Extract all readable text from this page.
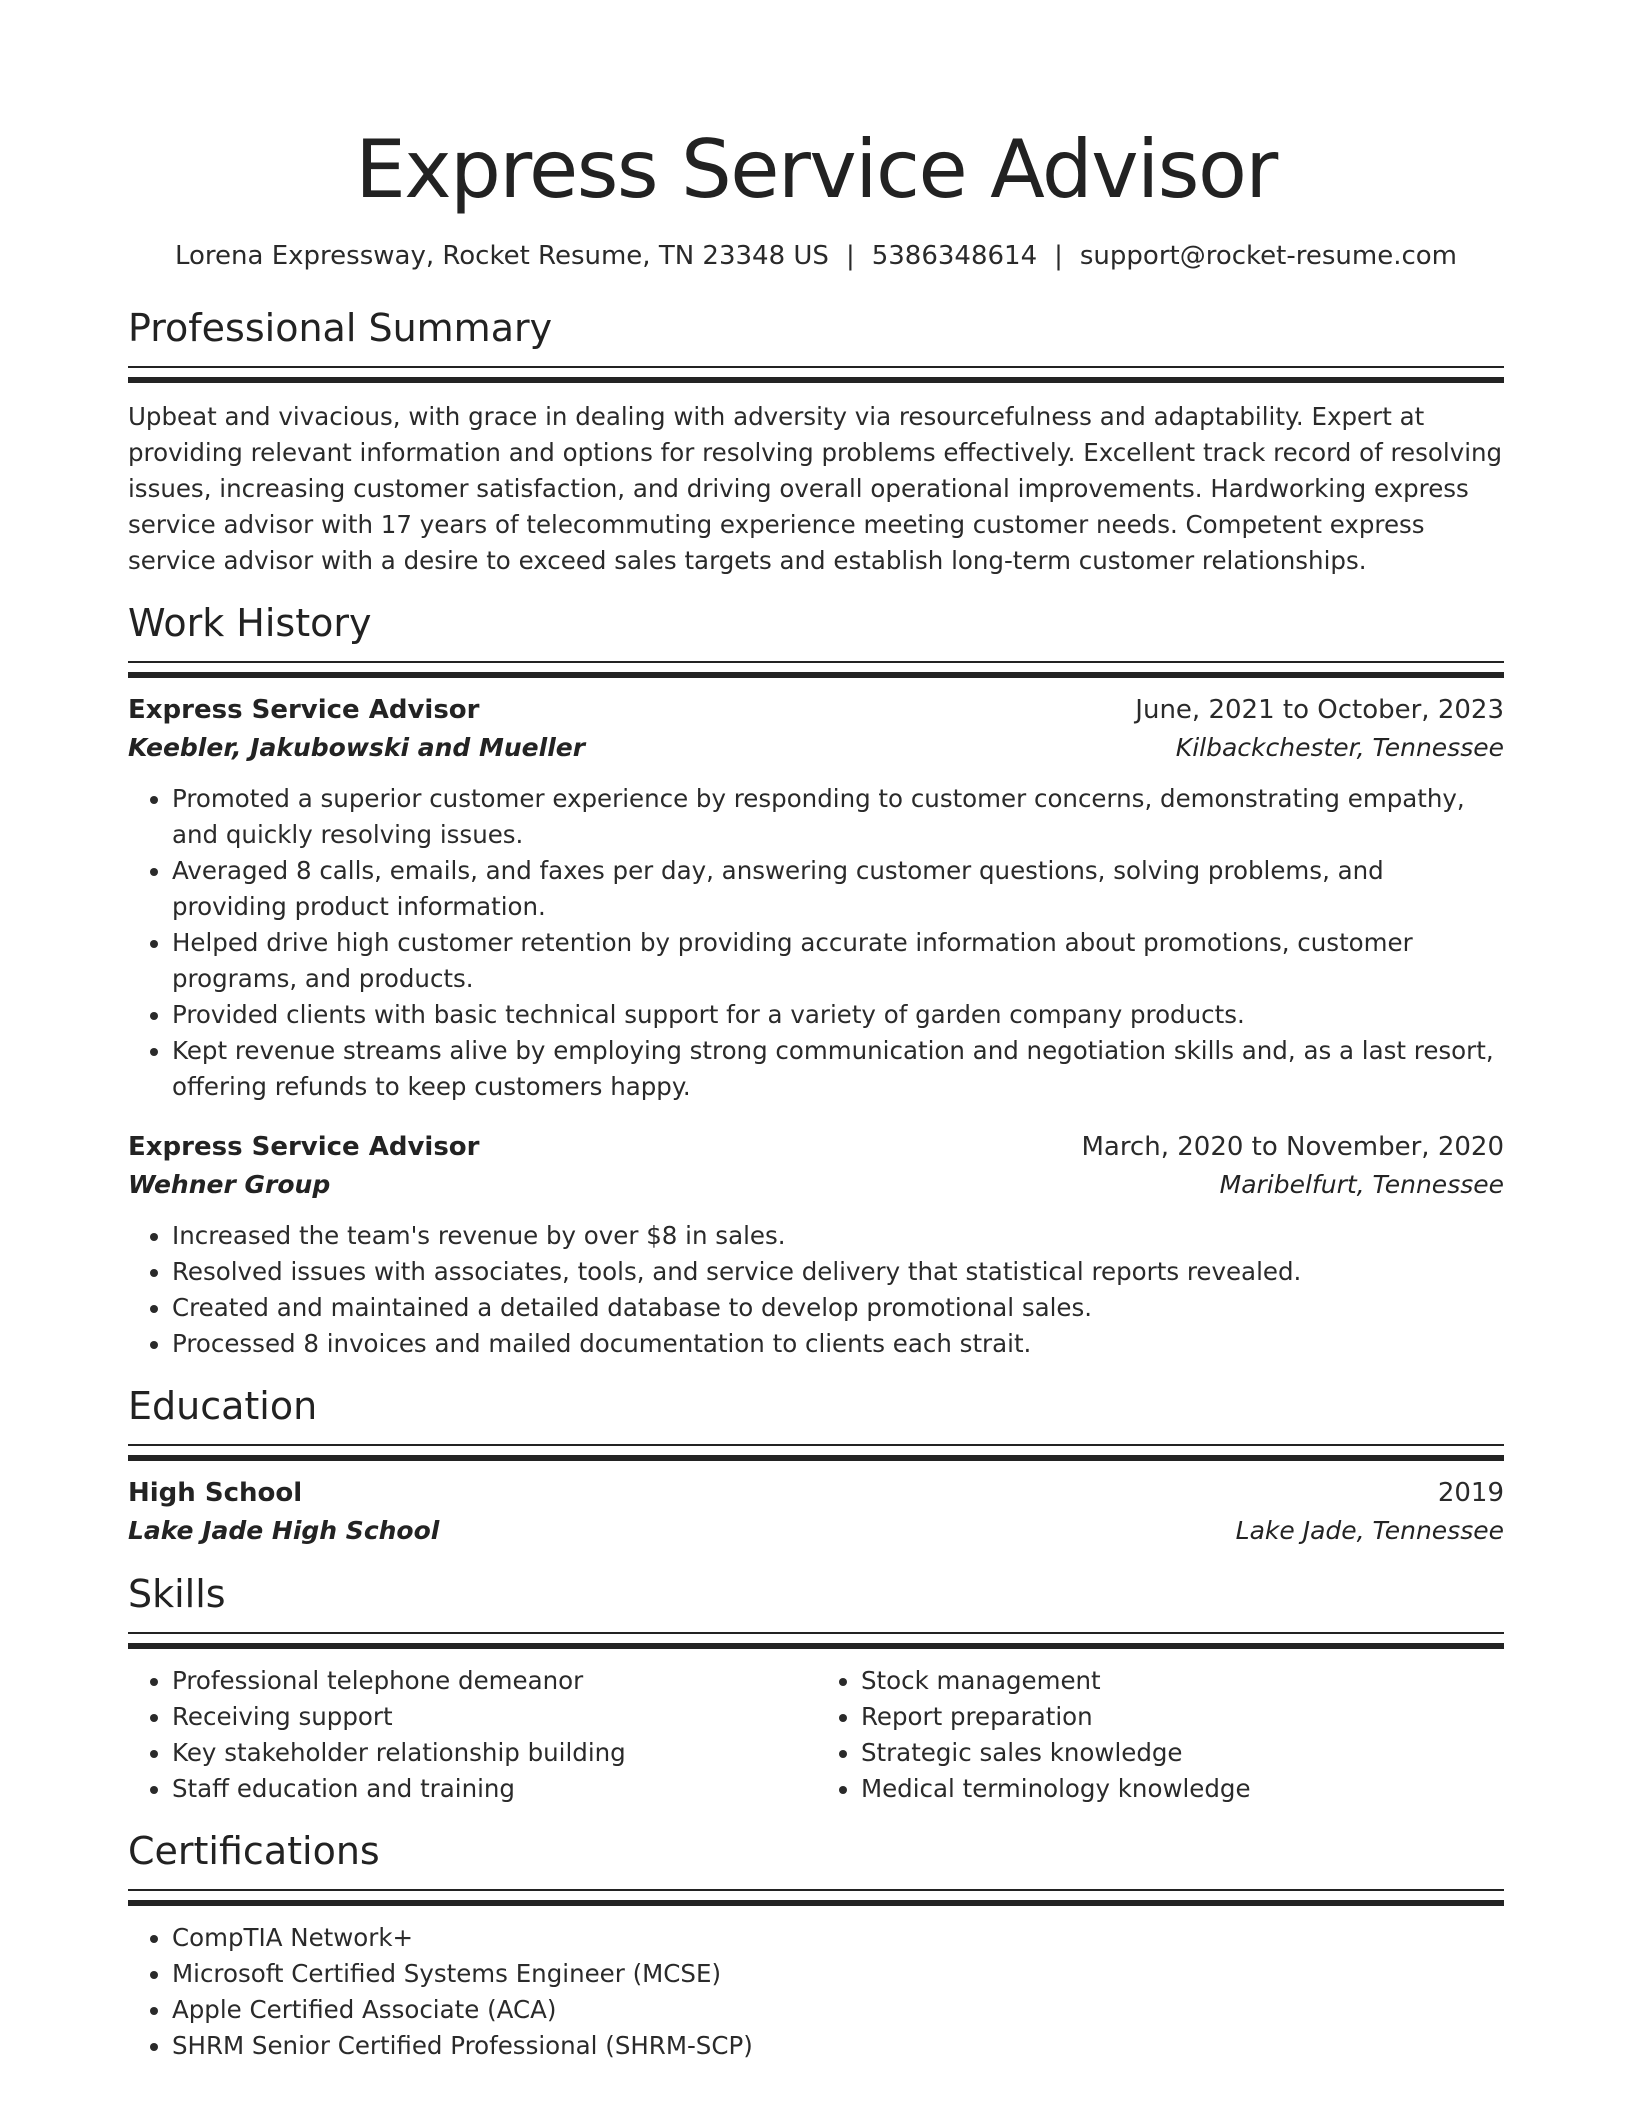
Express Service Advisor
Lorena Expressway, Rocket Resume, TN 23348 US | 5386348614 | support@rocket-resume.com
Professional Summary
Upbeat and vivacious, with grace in dealing with adversity via resourcefulness and adaptability. Expert at providing relevant information and options for resolving problems effectively. Excellent track record of resolving issues, increasing customer satisfaction, and driving overall operational improvements. Hardworking express service advisor with 17 years of telecommuting experience meeting customer needs. Competent express service advisor with a desire to exceed sales targets and establish long-term customer relationships.
Work History
Express Service Advisor	June, 2021 to October, 2023
Keebler, Jakubowski and Mueller	Kilbackchester, Tennessee
• Promoted a superior customer experience by responding to customer concerns, demonstrating empathy, and quickly resolving issues.
• Averaged 8 calls, emails, and faxes per day, answering customer questions, solving problems, and providing product information.
• Helped drive high customer retention by providing accurate information about promotions, customer programs, and products.
• Provided clients with basic technical support for a variety of garden company products.
• Kept revenue streams alive by employing strong communication and negotiation skills and, as a last resort, offering refunds to keep customers happy.
Express Service Advisor	March, 2020 to November, 2020
Wehner Group	Maribelfurt, Tennessee
• Increased the team's revenue by over $8 in sales.
• Resolved issues with associates, tools, and service delivery that statistical reports revealed.
• Created and maintained a detailed database to develop promotional sales.
• Processed 8 invoices and mailed documentation to clients each strait.
Education
High School	2019
Lake Jade High School	Lake Jade, Tennessee
Skills
• Professional telephone demeanor
• Receiving support
• Key stakeholder relationship building
• Staff education and training
• Stock management
• Report preparation
• Strategic sales knowledge
• Medical terminology knowledge
Certifications
• CompTIA Network+
• Microsoft Certified Systems Engineer (MCSE)
• Apple Certified Associate (ACA)
• SHRM Senior Certified Professional (SHRM-SCP)
